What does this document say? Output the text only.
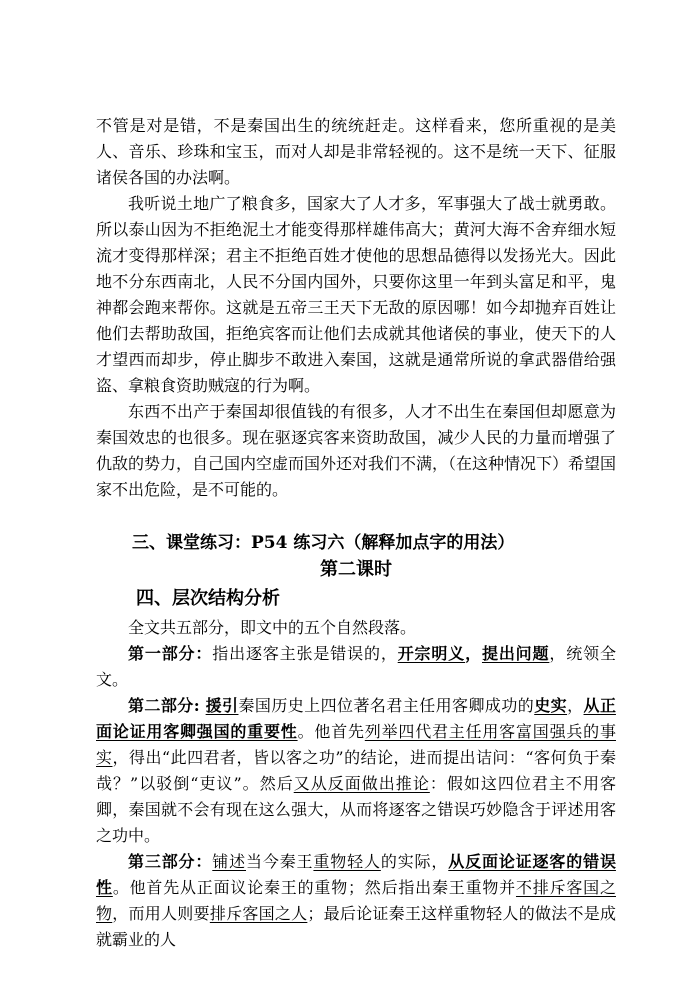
不管是对是错，不是秦国出生的统统赶走。这样看来，您所重视的是美人、音乐、珍珠和宝玉，而对人却是非常轻视的。这不是统一天下、征服诸侯各国的办法啊。

我听说土地广了粮食多，国家大了人才多，军事强大了战士就勇敢。所以泰山因为不拒绝泥土才能变得那样雄伟高大；黄河大海不舍弃细水短流才变得那样深；君主不拒绝百姓才使他的思想品德得以发扬光大。因此地不分东西南北，人民不分国内国外，只要你这里一年到头富足和平，鬼神都会跑来帮你。这就是五帝三王天下无敌的原因哪！如今却抛弃百姓让他们去帮助敌国，拒绝宾客而让他们去成就其他诸侯的事业，使天下的人才望西而却步，停止脚步不敢进入秦国，这就是通常所说的拿武器借给强盗、拿粮食资助贼寇的行为啊。

东西不出产于秦国却很值钱的有很多，人才不出生在秦国但却愿意为秦国效忠的也很多。现在驱逐宾客来资助敌国，减少人民的力量而增强了仇敌的势力，自己国内空虚而国外还对我们不满，（在这种情况下）希望国家不出危险，是不可能的。

三、课堂练习：P54 练习六（解释加点字的用法）

第二课时

四、层次结构分析

全文共五部分，即文中的五个自然段落。

第一部分：指出逐客主张是错误的，开宗明义，提出问题，统领全文。

第二部分: 援引秦国历史上四位著名君主任用客卿成功的史实，从正面论证用客卿强国的重要性。他首先列举四代君主任用客富国强兵的事实，得出“此四君者，皆以客之功”的结论，进而提出诘问：“客何负于秦哉？”以驳倒“吏议”。然后又从反面做出推论：假如这四位君主不用客卿，秦国就不会有现在这么强大，从而将逐客之错误巧妙隐含于评述用客之功中。

第三部分：铺述当今秦王重物轻人的实际，从反面论证逐客的错误性。他首先从正面议论秦王的重物；然后指出秦王重物并不排斥客国之物，而用人则要排斥客国之人；最后论证秦王这样重物轻人的做法不是成就霸业的人
